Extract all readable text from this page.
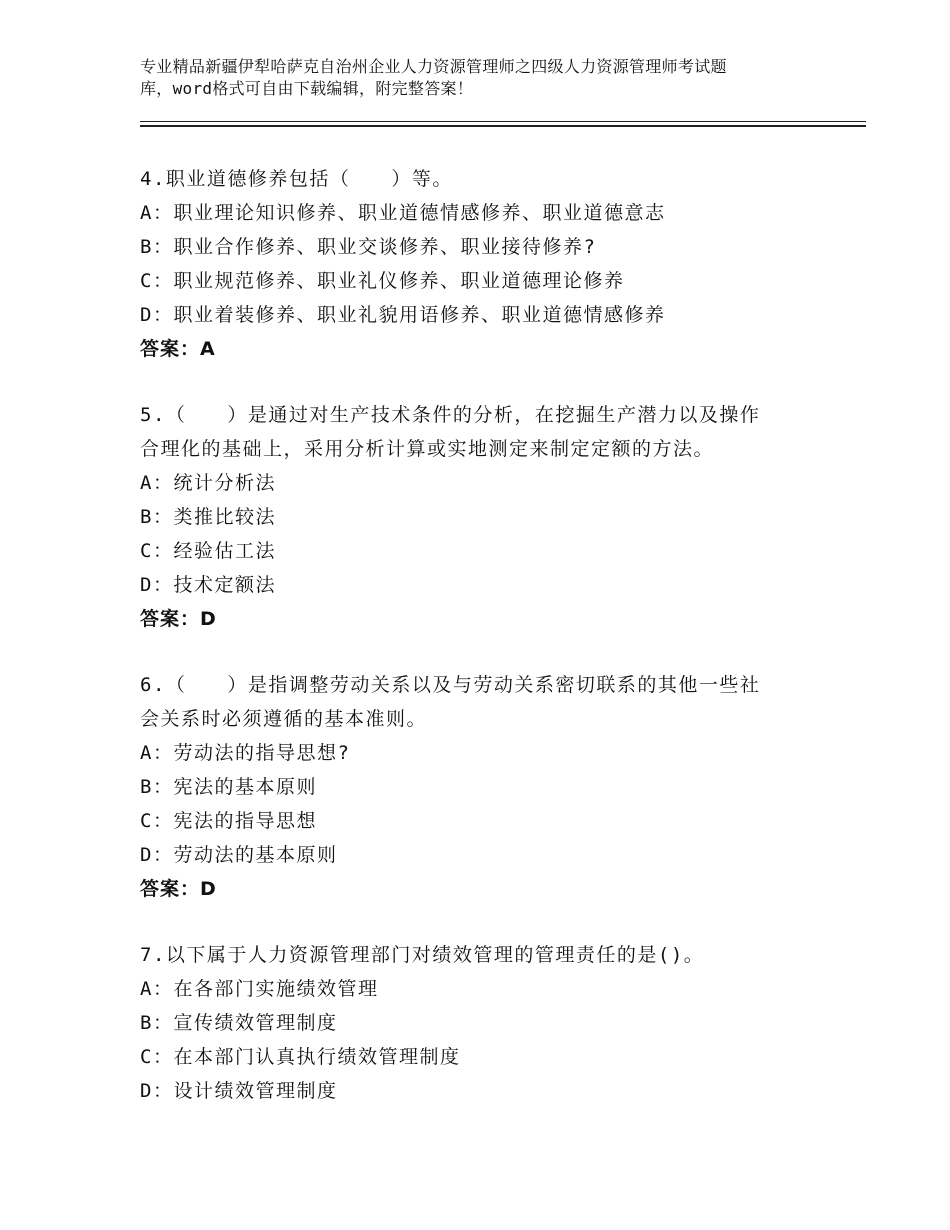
专业精品新疆伊犁哈萨克自治州企业人力资源管理师之四级人力资源管理师考试题
库，word格式可自由下载编辑，附完整答案！
4.职业道德修养包括（　　）等。
A：职业理论知识修养、职业道德情感修养、职业道德意志
B：职业合作修养、职业交谈修养、职业接待修养?
C：职业规范修养、职业礼仪修养、职业道德理论修养
D：职业着装修养、职业礼貌用语修养、职业道德情感修养
答案：A
5.（　　）是通过对生产技术条件的分析，在挖掘生产潜力以及操作
合理化的基础上，采用分析计算或实地测定来制定定额的方法。
A：统计分析法
B：类推比较法
C：经验估工法
D：技术定额法
答案：D
6.（　　）是指调整劳动关系以及与劳动关系密切联系的其他一些社
会关系时必须遵循的基本准则。
A：劳动法的指导思想?
B：宪法的基本原则
C：宪法的指导思想
D：劳动法的基本原则
答案：D
7.以下属于人力资源管理部门对绩效管理的管理责任的是()。
A：在各部门实施绩效管理
B：宣传绩效管理制度
C：在本部门认真执行绩效管理制度
D：设计绩效管理制度
